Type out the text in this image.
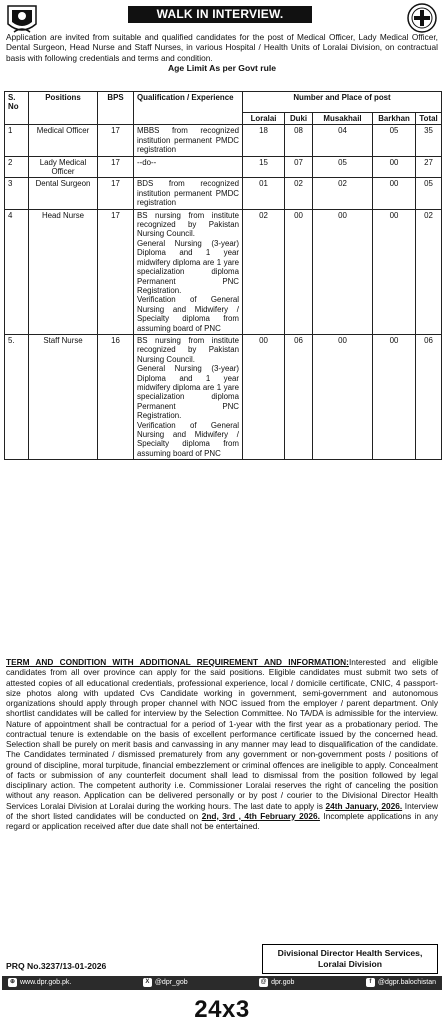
WALK IN INTERVIEW.
Application are invited from suitable and qualified candidates for the post of Medical Officer, Lady Medical Officer, Dental Surgeon, Head Nurse and Staff Nurses, in various Hospital / Health Units of Loralai Division, on contractual basis with following credentials and terms and condition.
Age Limit As per Govt rule
S. No	Positions	BPS	Qualification / Experience	Number and Place of post				
				Loralai	Duki	Musakhail	Barkhan	Total
1	Medical Officer	17	MBBS from recognized institution permanent PMDC registration	18	08	04	05	35
2	Lady Medical Officer	17	--do--	15	07	05	00	27
3	Dental Surgeon	17	BDS from recognized institution permanent PMDC registration	01	02	02	00	05
4	Head Nurse	17	BS nursing from institute recognized by Pakistan Nursing Council.

General Nursing (3-year) Diploma and 1 year midwifery diploma are 1 yare specialization diploma Permanent PNC Registration.

Verification of General Nursing and Midwifery / Specialty diploma from assuming board of PNC	02	00	00	00	02
5.	Staff Nurse	16	BS nursing from institute recognized by Pakistan Nursing Council.

General Nursing (3-year) Diploma and 1 year midwifery diploma are 1 yare specialization diploma Permanent PNC Registration.

Verification of General Nursing and Midwifery / Specialty diploma from assuming board of PNC	00	06	00	00	06
TERM AND CONDITION WITH ADDITIONAL REQUIREMENT AND INFORMATION:Interested and eligible candidates from all over province can apply for the said positions. Eligible candidates must submit two sets of attested copies of all educational credentials, professional experience, local / domicile certificate, CNIC, 4 passport-size photos along with updated Cvs Candidate working in government, semi-government and autonomous organizations should apply through proper channel with NOC issued from the employer / parent department. Only shortlist candidates will be called for interview by the Selection Committee. No TA/DA is admissible for the interview. Nature of appointment shall be contractual for a period of 1-year with the first year as a probationary period. The contractual tenure is extendable on the basis of excellent performance certificate issued by the concerned head. Selection shall be purely on merit basis and canvassing in any manner may lead to disqualification of the candidate. The Candidates terminated / dismissed prematurely from any government or non-government posts / positions of ground of discipline, moral turpitude, financial embezzlement or criminal offences are ineligible to apply. Concealment of facts or submission of any counterfeit document shall lead to dismissal from the position followed by legal disciplinary action. The competent authority i.e. Commissioner Loralai reserves the right of canceling the position without any reason. Application can be delivered personally or by post / courier to the Divisional Director Health Services Loralai Division at Loralai during the working hours. The last date to apply is 24th January, 2026. Interview of the short listed candidates will be conducted on 2nd, 3rd , 4th February 2026. Incomplete applications in any regard or application received after due date shall not be entertained.
PRQ No.3237/13-01-2026
Divisional Director Health Services,
Loralai Division
⊕ www.dpr.gob.pk.	X @dpr_gob	@ dpr.gob	f @dgpr.balochistan
24x3
